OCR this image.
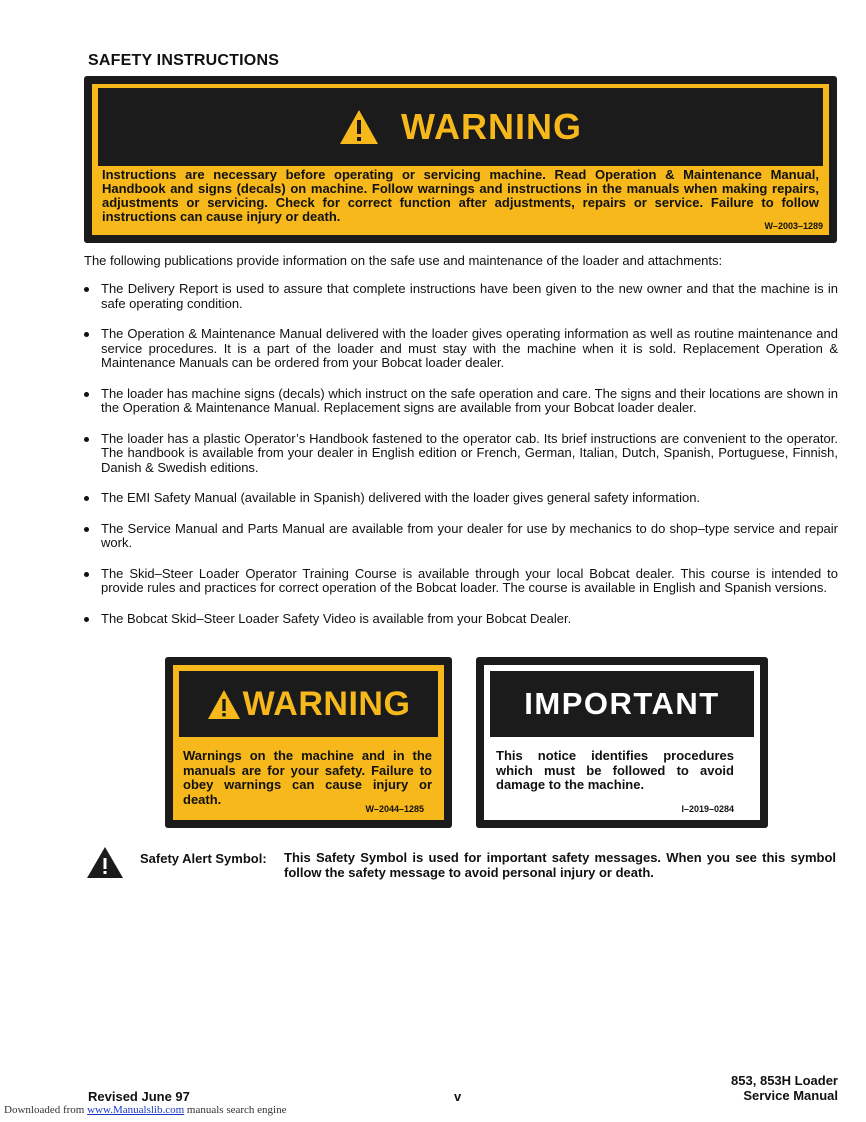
SAFETY INSTRUCTIONS
WARNING
Instructions are necessary before operating or servicing machine. Read Operation & Maintenance Manual, Handbook and signs (decals) on machine. Follow warnings and instructions in the manuals when making repairs, adjustments or servicing. Check for correct function after adjustments, repairs or service. Failure to follow instructions can cause injury or death.
W–2003–1289
The following publications provide information on the safe use and maintenance of the loader and attachments:
The Delivery Report is used to assure that complete instructions have been given to the new owner and that the machine is in safe operating condition.
The Operation & Maintenance Manual delivered with the loader gives operating information as well as routine maintenance and service procedures. It is a part of the loader and must stay with the machine when it is sold. Replacement Operation & Maintenance Manuals can be ordered from your Bobcat loader dealer.
The loader has machine signs (decals) which instruct on the safe operation and care. The signs and their locations are shown in the Operation & Maintenance Manual. Replacement signs are available from your Bobcat loader dealer.
The loader has a plastic Operator’s Handbook fastened to the operator cab. Its brief instructions are convenient to the operator. The handbook is available from your dealer in English edition or French, German, Italian, Dutch, Spanish, Portuguese, Finnish, Danish & Swedish editions.
The EMI Safety Manual (available in Spanish) delivered with the loader gives general safety information.
The Service Manual and Parts Manual are available from your dealer for use by mechanics to do shop–type service and repair work.
The Skid–Steer Loader Operator Training Course is available through your local Bobcat dealer. This course is intended to provide rules and practices for correct operation of the Bobcat loader. The course is available in English and Spanish versions.
The Bobcat Skid–Steer Loader Safety Video is available from your Bobcat Dealer.
WARNING
Warnings on the machine and in the manuals are for your safety. Failure to obey warnings can cause injury or death.
W–2044–1285
IMPORTANT
This notice identifies procedures which must be followed to avoid damage to the machine.
I–2019–0284
Safety Alert Symbol: This Safety Symbol is used for important safety messages. When you see this symbol follow the safety message to avoid personal injury or death.
Revised June 97	v
853, 853H Loader
Service Manual
Downloaded from www.Manualslib.com manuals search engine
